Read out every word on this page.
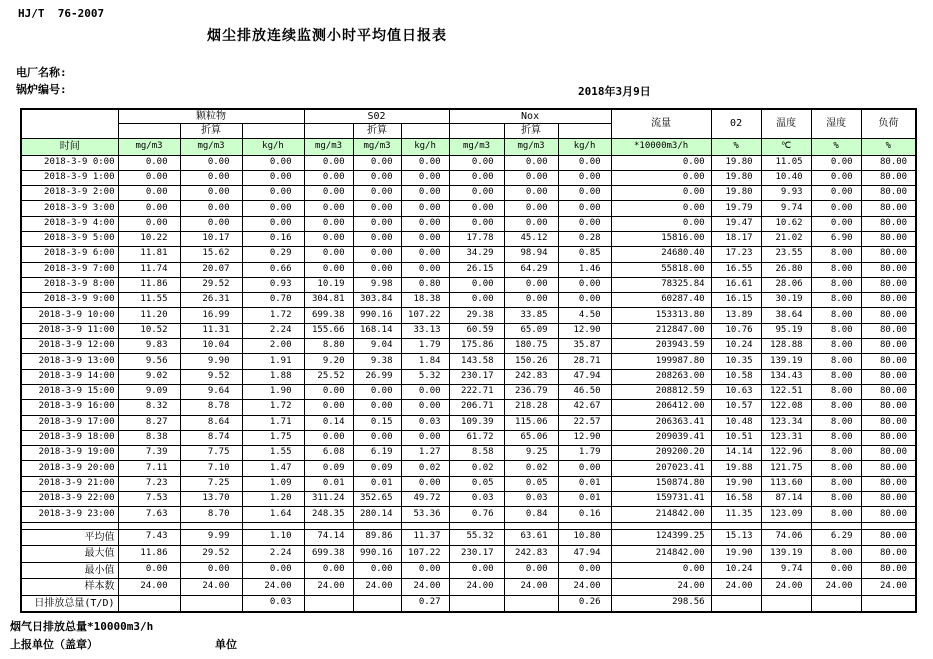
HJ/T  76-2007
烟尘排放连续监测小时平均值日报表
电厂名称:
锅炉编号:	2018年3月9日
	颗粒物			S02			Nox			流量	02	温度	湿度	负荷
		折算			折算			折算						
时间	mg/m3	mg/m3	kg/h	mg/m3	mg/m3	kg/h	mg/m3	mg/m3	kg/h	*10000m3/h	%	℃	%	%
2018-3-9 0:00	0.00	0.00	0.00	0.00	0.00	0.00	0.00	0.00	0.00	0.00	19.80	11.05	0.00	80.00
2018-3-9 1:00	0.00	0.00	0.00	0.00	0.00	0.00	0.00	0.00	0.00	0.00	19.80	10.40	0.00	80.00
2018-3-9 2:00	0.00	0.00	0.00	0.00	0.00	0.00	0.00	0.00	0.00	0.00	19.80	9.93	0.00	80.00
2018-3-9 3:00	0.00	0.00	0.00	0.00	0.00	0.00	0.00	0.00	0.00	0.00	19.79	9.74	0.00	80.00
2018-3-9 4:00	0.00	0.00	0.00	0.00	0.00	0.00	0.00	0.00	0.00	0.00	19.47	10.62	0.00	80.00
2018-3-9 5:00	10.22	10.17	0.16	0.00	0.00	0.00	17.78	45.12	0.28	15816.00	18.17	21.02	6.90	80.00
2018-3-9 6:00	11.81	15.62	0.29	0.00	0.00	0.00	34.29	98.94	0.85	24680.40	17.23	23.55	8.00	80.00
2018-3-9 7:00	11.74	20.07	0.66	0.00	0.00	0.00	26.15	64.29	1.46	55818.00	16.55	26.80	8.00	80.00
2018-3-9 8:00	11.86	29.52	0.93	10.19	9.98	0.80	0.00	0.00	0.00	78325.84	16.61	28.06	8.00	80.00
2018-3-9 9:00	11.55	26.31	0.70	304.81	303.84	18.38	0.00	0.00	0.00	60287.40	16.15	30.19	8.00	80.00
2018-3-9 10:00	11.20	16.99	1.72	699.38	990.16	107.22	29.38	33.85	4.50	153313.80	13.89	38.64	8.00	80.00
2018-3-9 11:00	10.52	11.31	2.24	155.66	168.14	33.13	60.59	65.09	12.90	212847.00	10.76	95.19	8.00	80.00
2018-3-9 12:00	9.83	10.04	2.00	8.80	9.04	1.79	175.86	180.75	35.87	203943.59	10.24	128.88	8.00	80.00
2018-3-9 13:00	9.56	9.90	1.91	9.20	9.38	1.84	143.58	150.26	28.71	199987.80	10.35	139.19	8.00	80.00
2018-3-9 14:00	9.02	9.52	1.88	25.52	26.99	5.32	230.17	242.83	47.94	208263.00	10.58	134.43	8.00	80.00
2018-3-9 15:00	9.09	9.64	1.90	0.00	0.00	0.00	222.71	236.79	46.50	208812.59	10.63	122.51	8.00	80.00
2018-3-9 16:00	8.32	8.78	1.72	0.00	0.00	0.00	206.71	218.28	42.67	206412.00	10.57	122.08	8.00	80.00
2018-3-9 17:00	8.27	8.64	1.71	0.14	0.15	0.03	109.39	115.06	22.57	206363.41	10.48	123.34	8.00	80.00
2018-3-9 18:00	8.38	8.74	1.75	0.00	0.00	0.00	61.72	65.06	12.90	209039.41	10.51	123.31	8.00	80.00
2018-3-9 19:00	7.39	7.75	1.55	6.08	6.19	1.27	8.58	9.25	1.79	209200.20	14.14	122.96	8.00	80.00
2018-3-9 20:00	7.11	7.10	1.47	0.09	0.09	0.02	0.02	0.02	0.00	207023.41	19.88	121.75	8.00	80.00
2018-3-9 21:00	7.23	7.25	1.09	0.01	0.01	0.00	0.05	0.05	0.01	150874.80	19.90	113.60	8.00	80.00
2018-3-9 22:00	7.53	13.70	1.20	311.24	352.65	49.72	0.03	0.03	0.01	159731.41	16.58	87.14	8.00	80.00
2018-3-9 23:00	7.63	8.70	1.64	248.35	280.14	53.36	0.76	0.84	0.16	214842.00	11.35	123.09	8.00	80.00

平均值	7.43	9.99	1.10	74.14	89.86	11.37	55.32	63.61	10.80	124399.25	15.13	74.06	6.29	80.00
最大值	11.86	29.52	2.24	699.38	990.16	107.22	230.17	242.83	47.94	214842.00	19.90	139.19	8.00	80.00
最小值	0.00	0.00	0.00	0.00	0.00	0.00	0.00	0.00	0.00	0.00	10.24	9.74	0.00	80.00
样本数	24.00	24.00	24.00	24.00	24.00	24.00	24.00	24.00	24.00	24.00	24.00	24.00	24.00	24.00
日排放总量(T/D)			0.03			0.27			0.26	298.56				
烟气日排放总量*10000m3/h
上报单位（盖章）	单位
